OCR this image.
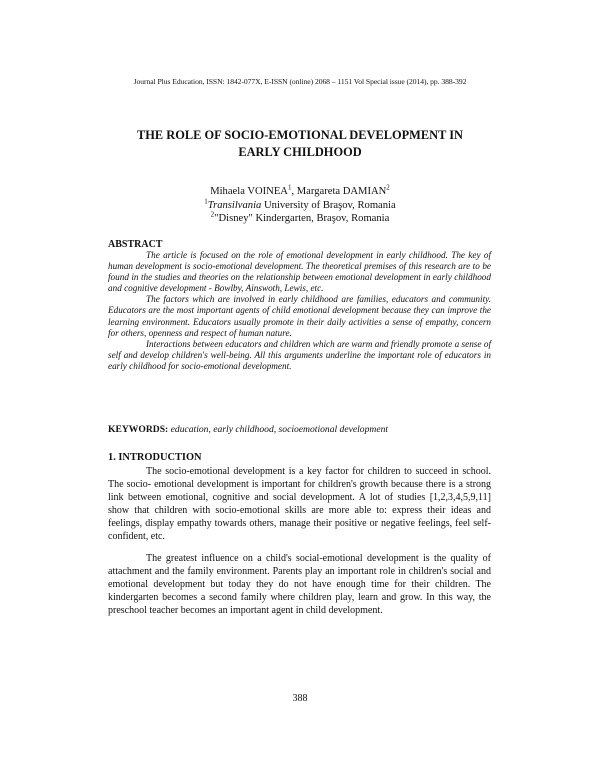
Journal Plus Education, ISSN: 1842-077X, E-ISSN (online) 2068 – 1151 Vol Special issue (2014), pp. 388-392
THE ROLE OF SOCIO-EMOTIONAL DEVELOPMENT IN
EARLY CHILDHOOD
Mihaela VOINEA$^1$, Margareta DAMIAN$^2$
$^1$Transilvania University of Braşov, Romania
$^2$"Disney" Kindergarten, Braşov, Romania
ABSTRACT

The article is focused on the role of emotional development in early childhood. The key of human development is socio-emotional development. The theoretical premises of this research are to be found in the studies and theories on the relationship between emotional development in early childhood and cognitive development - Bowlby, Ainswoth, Lewis, etc.

The factors which are involved in early childhood are families, educators and community. Educators are the most important agents of child emotional development because they can improve the learning environment. Educators usually promote in their daily activities a sense of empathy, concern for others, openness and respect of human nature.

Interactions between educators and children which are warm and friendly promote a sense of self and develop children's well-being. All this arguments underline the important role of educators in early childhood for socio-emotional development.

KEYWORDS: education, early childhood, socioemotional development
1. INTRODUCTION

The socio-emotional development is a key factor for children to succeed in school. The socio- emotional development is important for children's growth because there is a strong link between emotional, cognitive and social development. A lot of studies [1,2,3,4,5,9,11] show that children with socio-emotional skills are more able to: express their ideas and feelings, display empathy towards others, manage their positive or negative feelings, feel self-confident, etc.

The greatest influence on a child's social-emotional development is the quality of attachment and the family environment. Parents play an important role in children's social and emotional development but today they do not have enough time for their children. The kindergarten becomes a second family where children play, learn and grow. In this way, the preschool teacher becomes an important agent in child development.

388
